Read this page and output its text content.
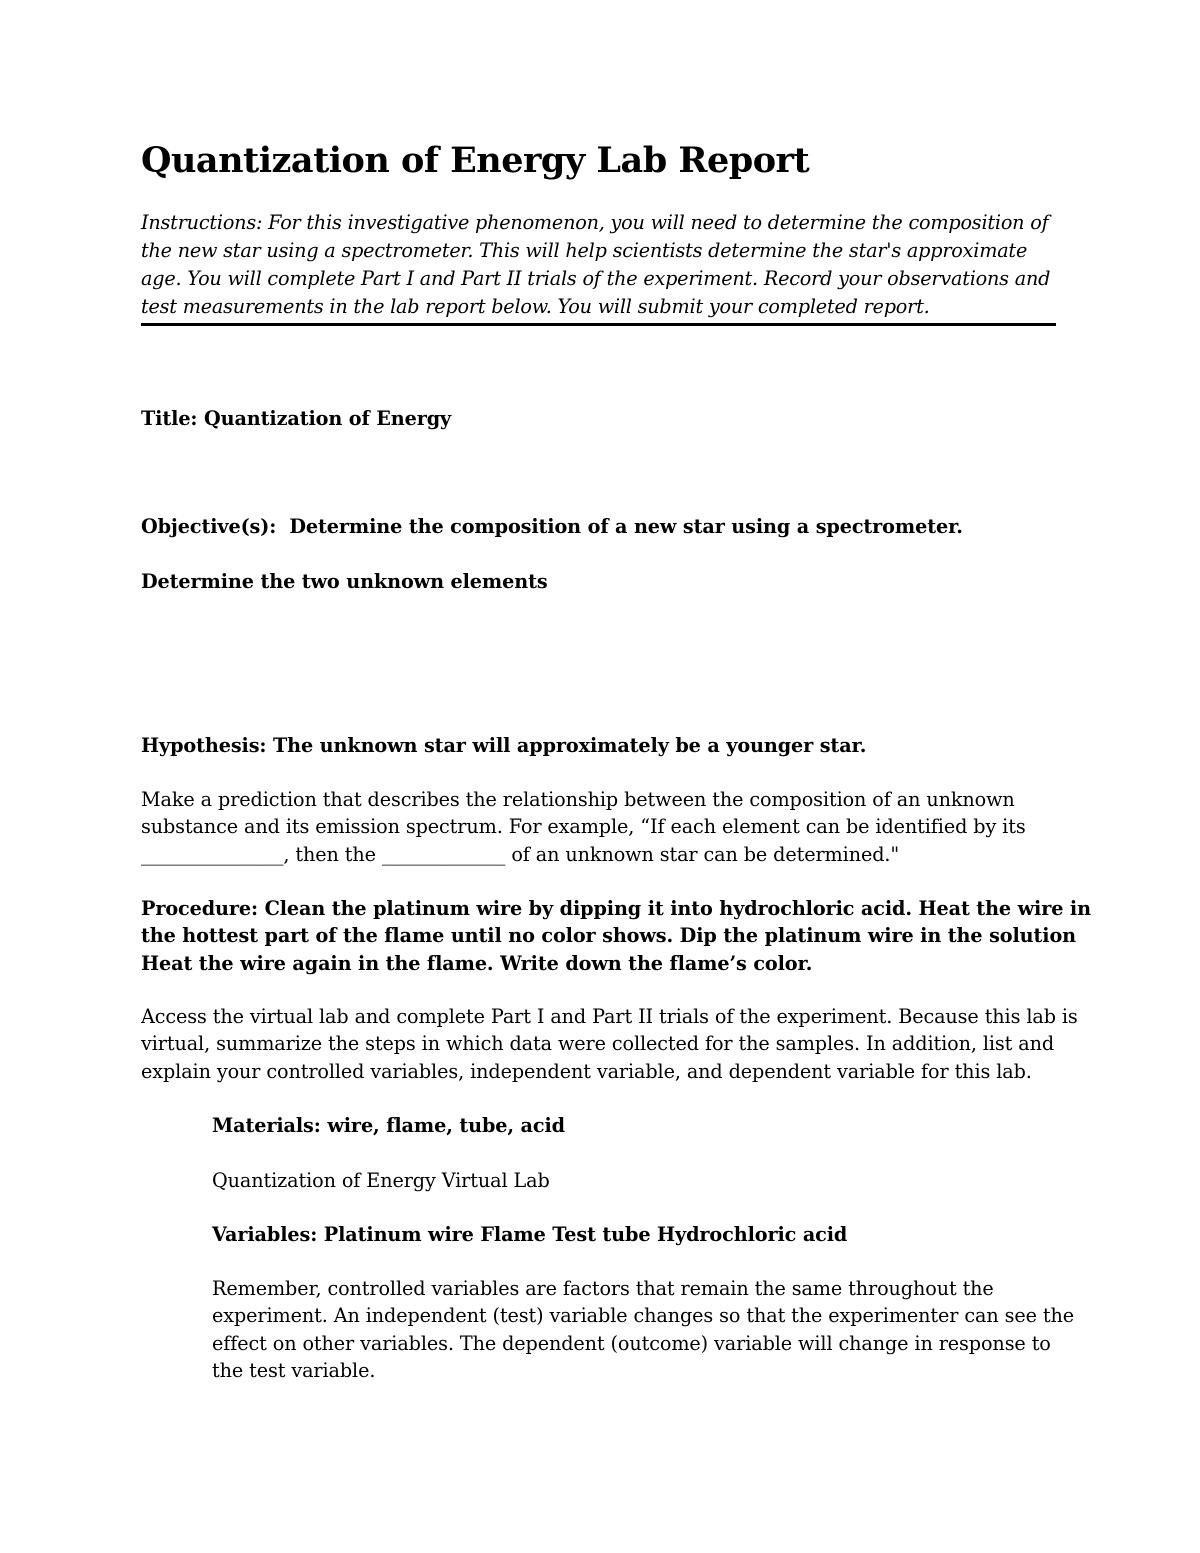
Quantization of Energy Lab Report

Instructions: For this investigative phenomenon, you will need to determine the composition of the new star using a spectrometer. This will help scientists determine the star's approximate age. You will complete Part I and Part II trials of the experiment. Record your observations and test measurements in the lab report below. You will submit your completed report.

Title: Quantization of Energy

Objective(s): Determine the composition of a new star using a spectrometer.

Determine the two unknown elements

Hypothesis: The unknown star will approximately be a younger star.

Make a prediction that describes the relationship between the composition of an unknown

substance and its emission spectrum. For example, “If each element can be identified by its

_______________, then the _____________ of an unknown star can be determined."

Procedure: Clean the platinum wire by dipping it into hydrochloric acid. Heat the wire in

the hottest part of the flame until no color shows. Dip the platinum wire in the solution

Heat the wire again in the flame. Write down the flame’s color.

Access the virtual lab and complete Part I and Part II trials of the experiment. Because this lab is

virtual, summarize the steps in which data were collected for the samples. In addition, list and

explain your controlled variables, independent variable, and dependent variable for this lab.

Materials: wire, flame, tube, acid

Quantization of Energy Virtual Lab

Variables: Platinum wire Flame Test tube Hydrochloric acid

Remember, controlled variables are factors that remain the same throughout the

experiment. An independent (test) variable changes so that the experimenter can see the

effect on other variables. The dependent (outcome) variable will change in response to

the test variable.
